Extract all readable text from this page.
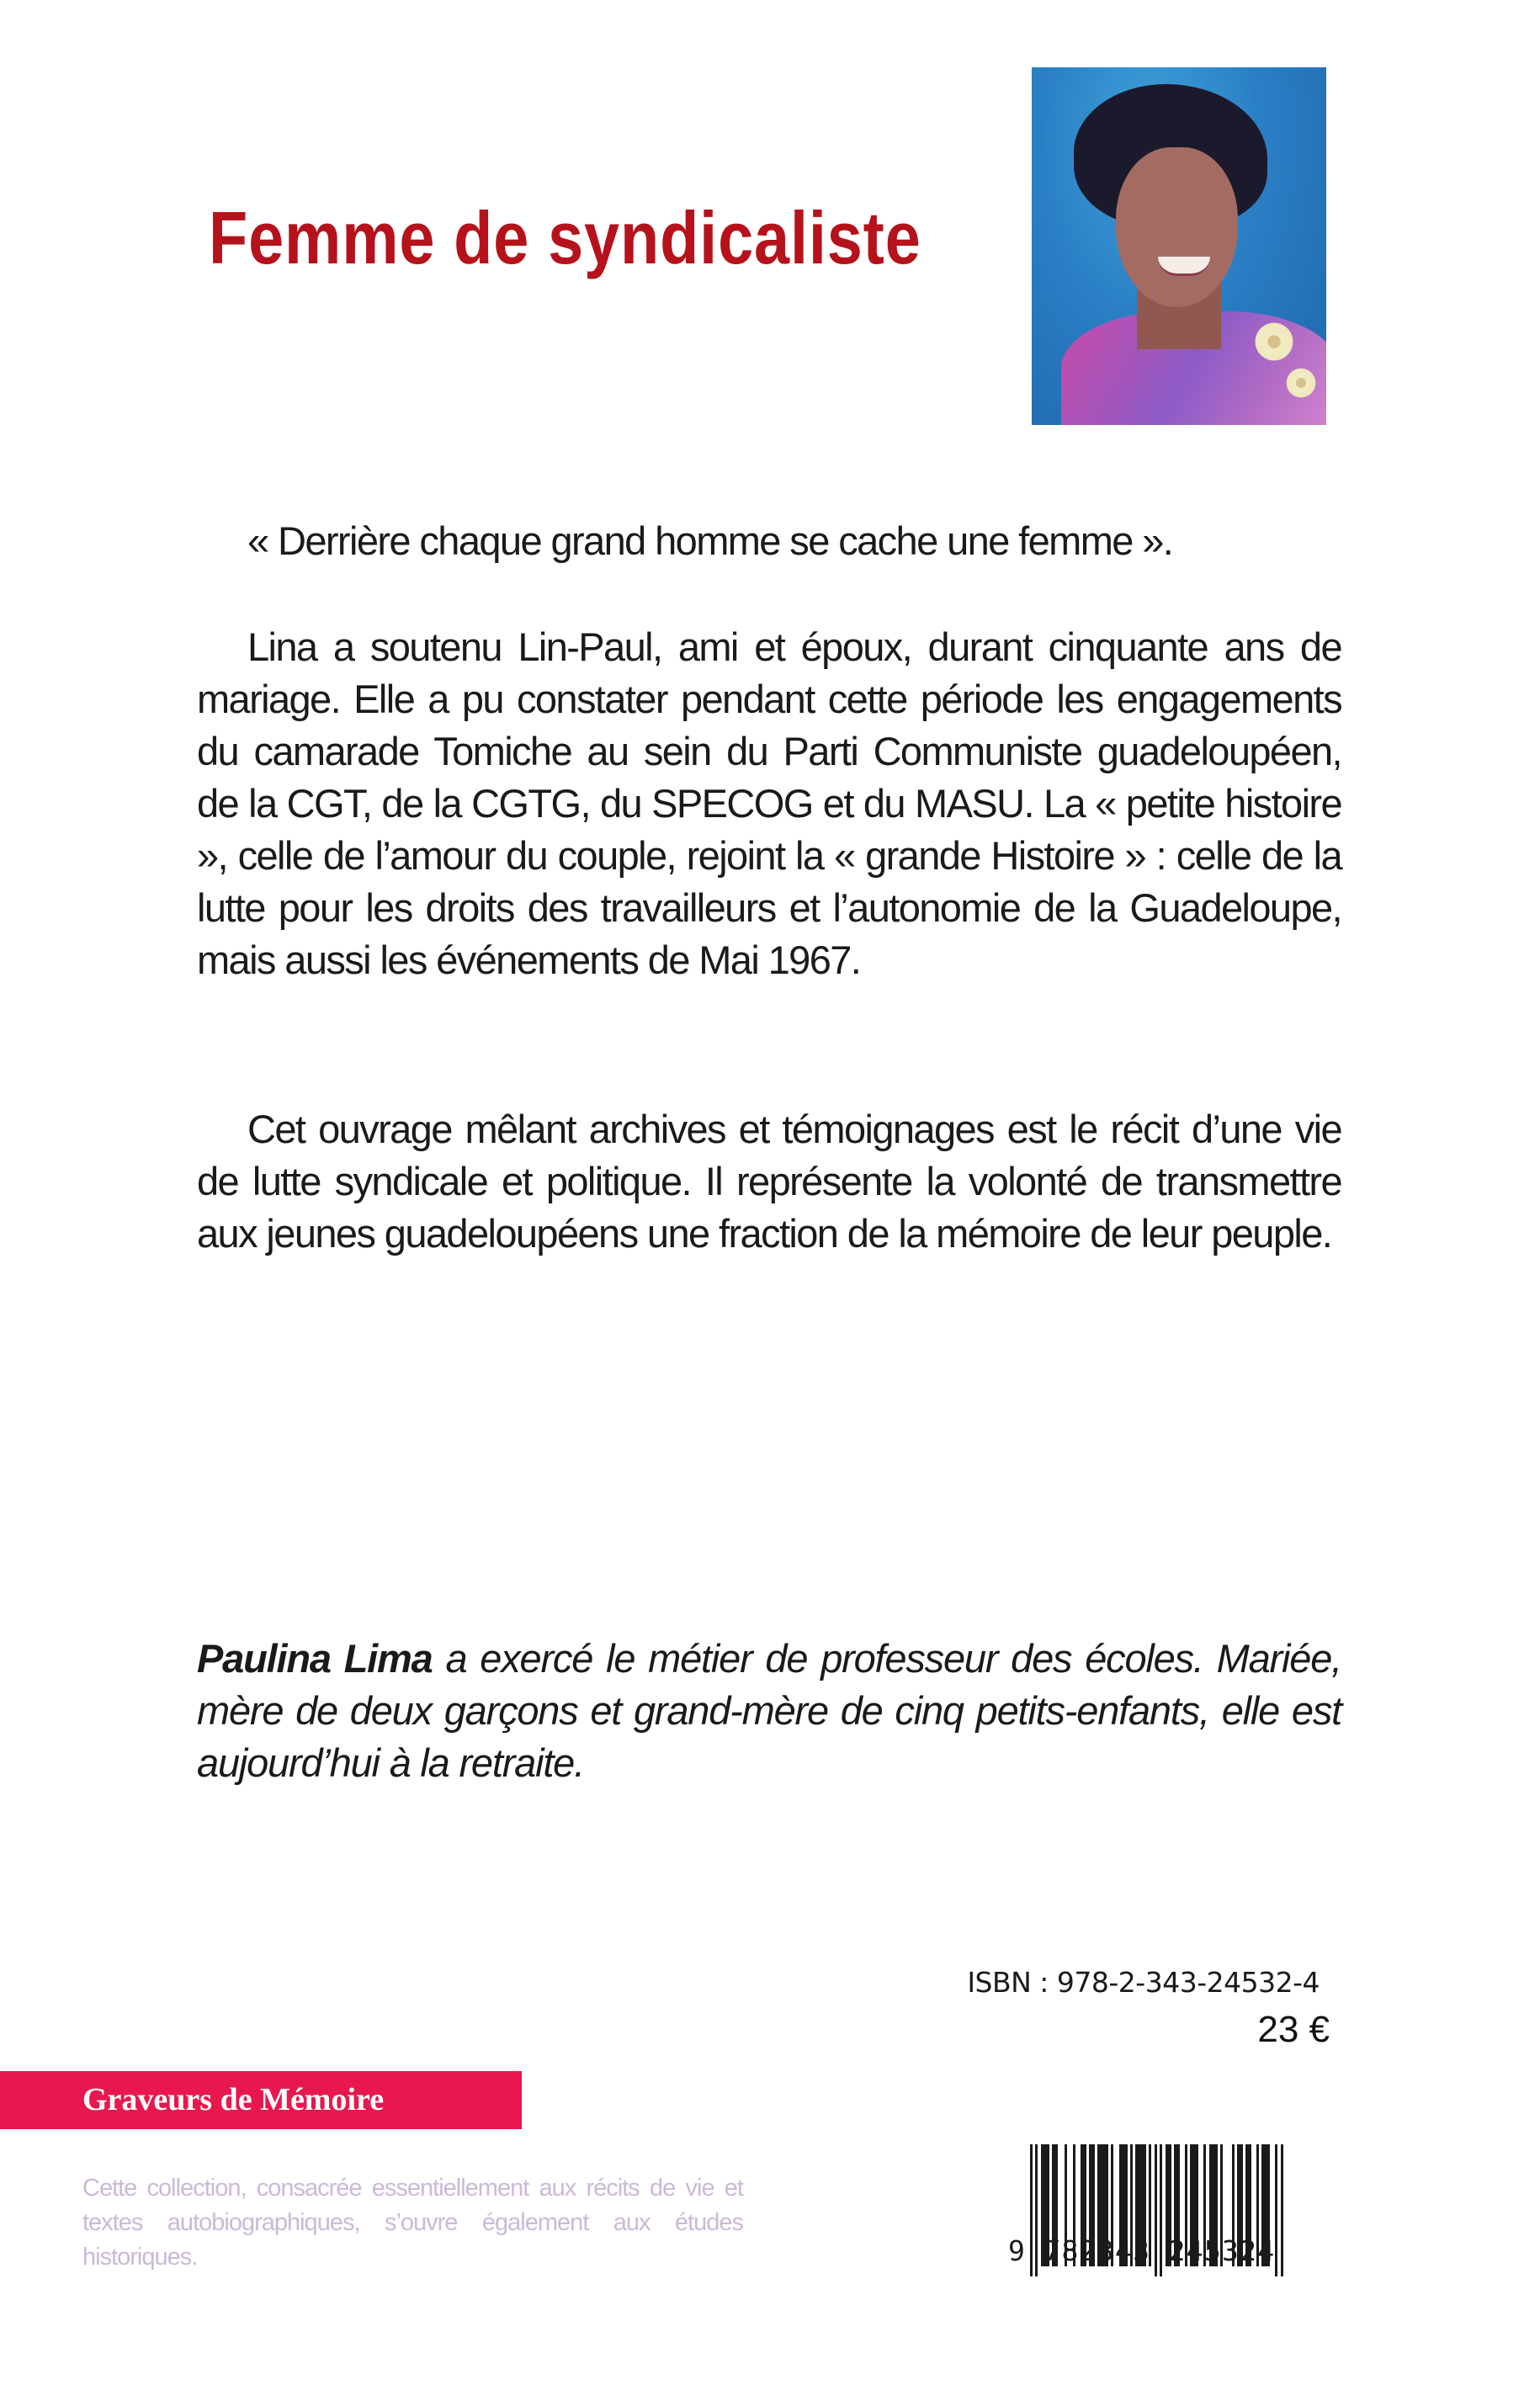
Femme de syndicaliste

« Derrière chaque grand homme se cache une femme ».

Lina a soutenu Lin-Paul, ami et époux, durant cinquante ans de mariage. Elle a pu constater pendant cette période les engagements du camarade Tomiche au sein du Parti Communiste guadeloupéen, de la CGT, de la CGTG, du SPECOG et du MASU. La « petite histoire », celle de l’amour du couple, rejoint la « grande Histoire » : celle de la lutte pour les droits des travailleurs et l’autonomie de la Guadeloupe, mais aussi les événements de Mai 1967.

Cet ouvrage mêlant archives et témoignages est le récit d’une vie de lutte syndicale et politique. Il représente la volonté de transmettre aux jeunes guadeloupéens une fraction de la mémoire de leur peuple.

Paulina Lima a exercé le métier de professeur des écoles. Mariée, mère de deux garçons et grand-mère de cinq petits-enfants, elle est aujourd’hui à la retraite.
ISBN : 978-2-343-24532-4
23 €
Graveurs de Mémoire
Cette collection, consacrée essentiellement aux récits de vie et textes autobiographiques, s’ouvre également aux études historiques.	9 782343 245324
